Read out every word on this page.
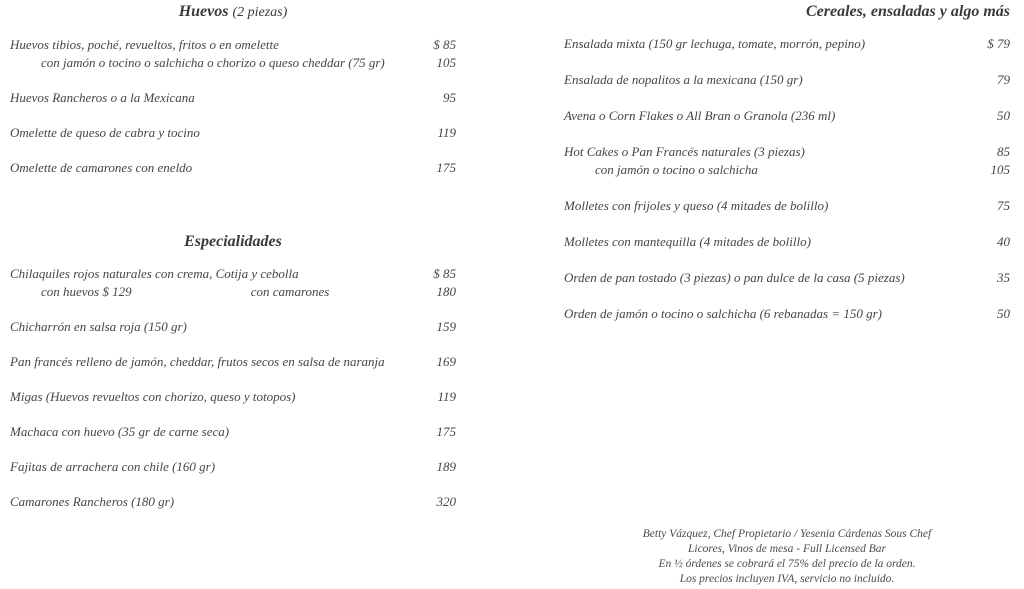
Huevos (2 piezas)
Huevos tibios, poché, revueltos, fritos o en omelette	$ 85
con jamón o tocino o salchicha o chorizo o queso cheddar (75 gr)	105
Huevos Rancheros o a la Mexicana	95
Omelette de queso de cabra y tocino	119
Omelette de camarones con eneldo	175
Especialidades
Chilaquiles rojos naturales con crema, Cotija y cebolla	$ 85
con huevos $ 129	con camarones	180
Chicharrón en salsa roja (150 gr)	159
Pan francés relleno de jamón, cheddar, frutos secos en salsa de naranja	169
Migas (Huevos revueltos con chorizo, queso y totopos)	119
Machaca con huevo (35 gr de carne seca)	175
Fajitas de arrachera con chile (160 gr)	189
Camarones Rancheros (180 gr)	320
Cereales, ensaladas y algo más
Ensalada mixta (150 gr lechuga, tomate, morrón, pepino)	$ 79
Ensalada de nopalitos a la mexicana (150 gr)	79
Avena o Corn Flakes o All Bran o Granola (236 ml)	50
Hot Cakes o Pan Francés naturales (3 piezas)	85
con jamón o tocino o salchicha	105
Molletes con frijoles y queso (4 mitades de bolillo)	75
Molletes con mantequilla (4 mitades de bolillo)	40
Orden de pan tostado (3 piezas) o pan dulce de la casa (5 piezas)	35
Orden de jamón o tocino o salchicha (6 rebanadas = 150 gr)	50
Betty Vázquez, Chef Propietario / Yesenia Cárdenas Sous Chef
Licores, Vinos de mesa - Full Licensed Bar
En ½ órdenes se cobrará el 75% del precio de la orden.
Los precios incluyen IVA, servicio no incluido.
